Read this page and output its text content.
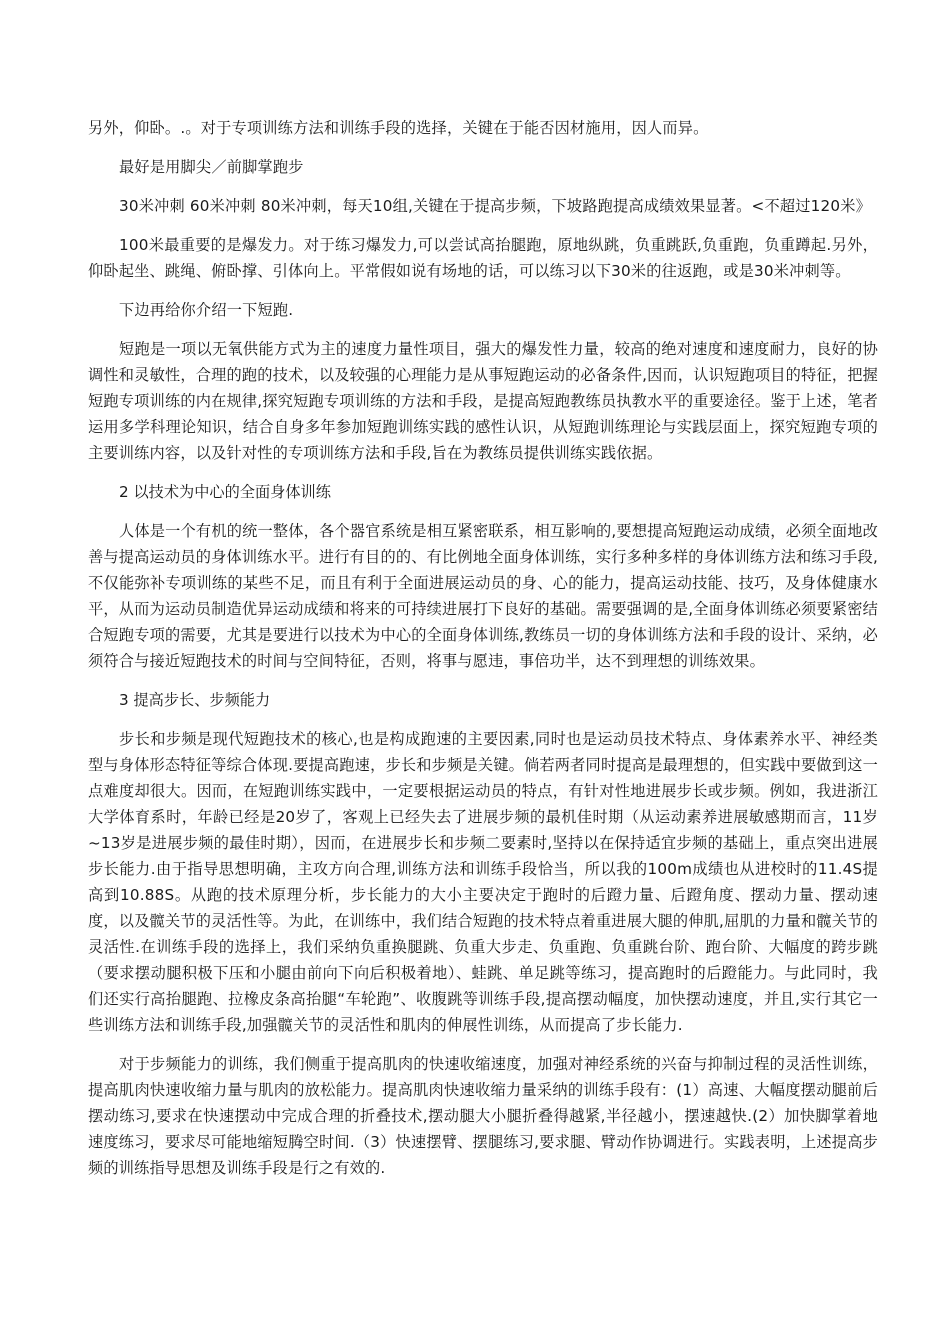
另外，仰卧。.。对于专项训练方法和训练手段的选择，关键在于能否因材施用，因人而异。

最好是用脚尖／前脚掌跑步

30米冲刺 60米冲刺 80米冲刺，每天10组,关键在于提高步频，下坡路跑提高成绩效果显著。<不超过120米》

100米最重要的是爆发力。对于练习爆发力,可以尝试高抬腿跑，原地纵跳，负重跳跃,负重跑，负重蹲起.另外，仰卧起坐、跳绳、俯卧撑、引体向上。平常假如说有场地的话，可以练习以下30米的往返跑，或是30米冲刺等。

下边再给你介绍一下短跑.

短跑是一项以无氧供能方式为主的速度力量性项目，强大的爆发性力量，较高的绝对速度和速度耐力，良好的协调性和灵敏性，合理的跑的技术，以及较强的心理能力是从事短跑运动的必备条件,因而，认识短跑项目的特征，把握短跑专项训练的内在规律,探究短跑专项训练的方法和手段，是提高短跑教练员执教水平的重要途径。鉴于上述，笔者运用多学科理论知识，结合自身多年参加短跑训练实践的感性认识，从短跑训练理论与实践层面上，探究短跑专项的主要训练内容，以及针对性的专项训练方法和手段,旨在为教练员提供训练实践依据。

2 以技术为中心的全面身体训练

人体是一个有机的统一整体，各个器官系统是相互紧密联系，相互影响的,要想提高短跑运动成绩，必须全面地改善与提高运动员的身体训练水平。进行有目的的、有比例地全面身体训练，实行多种多样的身体训练方法和练习手段,不仅能弥补专项训练的某些不足，而且有利于全面进展运动员的身、心的能力，提高运动技能、技巧，及身体健康水平，从而为运动员制造优异运动成绩和将来的可持续进展打下良好的基础。需要强调的是,全面身体训练必须要紧密结合短跑专项的需要，尤其是要进行以技术为中心的全面身体训练,教练员一切的身体训练方法和手段的设计、采纳，必须符合与接近短跑技术的时间与空间特征，否则，将事与愿违，事倍功半，达不到理想的训练效果。

3 提高步长、步频能力

步长和步频是现代短跑技术的核心,也是构成跑速的主要因素,同时也是运动员技术特点、身体素养水平、神经类型与身体形态特征等综合体现.要提高跑速，步长和步频是关键。倘若两者同时提高是最理想的，但实践中要做到这一点难度却很大。因而，在短跑训练实践中，一定要根据运动员的特点，有针对性地进展步长或步频。例如，我进浙江大学体育系时，年龄已经是20岁了，客观上已经失去了进展步频的最机佳时期（从运动素养进展敏感期而言，11岁~13岁是进展步频的最佳时期），因而，在进展步长和步频二要素时,坚持以在保持适宜步频的基础上，重点突出进展步长能力.由于指导思想明确，主攻方向合理,训练方法和训练手段恰当，所以我的100m成绩也从进校时的11.4S提高到10.88S。从跑的技术原理分析，步长能力的大小主要决定于跑时的后蹬力量、后蹬角度、摆动力量、摆动速度，以及髋关节的灵活性等。为此，在训练中，我们结合短跑的技术特点着重进展大腿的伸肌,屈肌的力量和髋关节的灵活性.在训练手段的选择上，我们采纳负重换腿跳、负重大步走、负重跑、负重跳台阶、跑台阶、大幅度的跨步跳（要求摆动腿积极下压和小腿由前向下向后积极着地）、蛙跳、单足跳等练习，提高跑时的后蹬能力。与此同时，我们还实行高抬腿跑、拉橡皮条高抬腿“车轮跑”、收腹跳等训练手段,提高摆动幅度，加快摆动速度，并且,实行其它一些训练方法和训练手段,加强髋关节的灵活性和肌肉的伸展性训练，从而提高了步长能力.

对于步频能力的训练，我们侧重于提高肌肉的快速收缩速度，加强对神经系统的兴奋与抑制过程的灵活性训练，提高肌肉快速收缩力量与肌肉的放松能力。提高肌肉快速收缩力量采纳的训练手段有：(1）高速、大幅度摆动腿前后摆动练习,要求在快速摆动中完成合理的折叠技术,摆动腿大小腿折叠得越紧,半径越小，摆速越快.(2）加快脚掌着地速度练习，要求尽可能地缩短腾空时间.（3）快速摆臂、摆腿练习,要求腿、臂动作协调进行。实践表明，上述提高步频的训练指导思想及训练手段是行之有效的.
